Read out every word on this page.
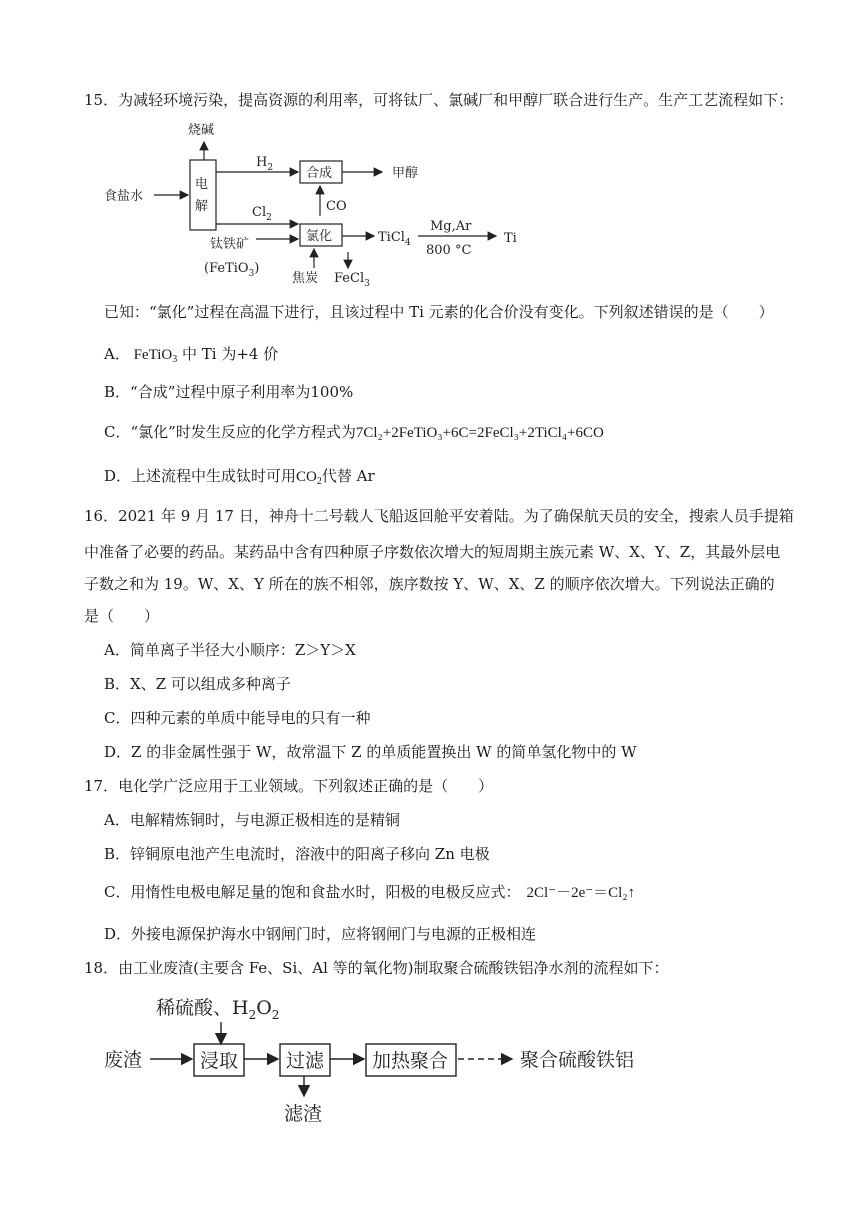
15．为减轻环境污染，提高资源的利用率，可将钛厂、氯碱厂和甲醇厂联合进行生产。生产工艺流程如下：
烧碱
电
解
食盐水
$H_2$	合成	甲醇
CO
$Cl_2$
氯化
钛铁矿
(FeTiO$_3$)
TiCl$_4$
Mg,Ar
800 °C
Ti
焦炭 FeCl$_3$
已知：“氯化”过程在高温下进行，且该过程中 Ti 元素的化合价没有变化。下列叙述错误的是（　　）
A． FeTiO$_3$ 中 Ti 为+4 价
B．“合成”过程中原子利用率为100%
C．“氯化”时发生反应的化学方程式为7Cl₂+2FeTiO₃+6C=2FeCl₃+2TiCl₄+6CO
D．上述流程中生成钛时可用$CO_2$代替 Ar
16．2021 年 9 月 17 日，神舟十二号载人飞船返回舱平安着陆。为了确保航天员的安全，搜索人员手提箱
中准备了必要的药品。某药品中含有四种原子序数依次增大的短周期主族元素 W、X、Y、Z，其最外层电
子数之和为 19。W、X、Y 所在的族不相邻，族序数按 Y、W、X、Z 的顺序依次增大。下列说法正确的
是（　　）
A．简单离子半径大小顺序：Z＞Y＞X
B．X、Z 可以组成多种离子
C．四种元素的单质中能导电的只有一种
D．Z 的非金属性强于 W，故常温下 Z 的单质能置换出 W 的简单氢化物中的 W
17．电化学广泛应用于工业领域。下列叙述正确的是（　　）
A．电解精炼铜时，与电源正极相连的是精铜
B．锌铜原电池产生电流时，溶液中的阳离子移向 Zn 电极
C．用惰性电极电解足量的饱和食盐水时，阳极的电极反应式： 2Cl⁻－2e⁻＝Cl₂↑
D．外接电源保护海水中钢闸门时，应将钢闸门与电源的正极相连
18．由工业废渣(主要含 Fe、Si、Al 等的氧化物)制取聚合硫酸铁铝净水剂的流程如下：
稀硫酸、$H_2O_2$
废渣	浸取	过滤
滤渣
加热聚合	聚合硫酸铁铝
